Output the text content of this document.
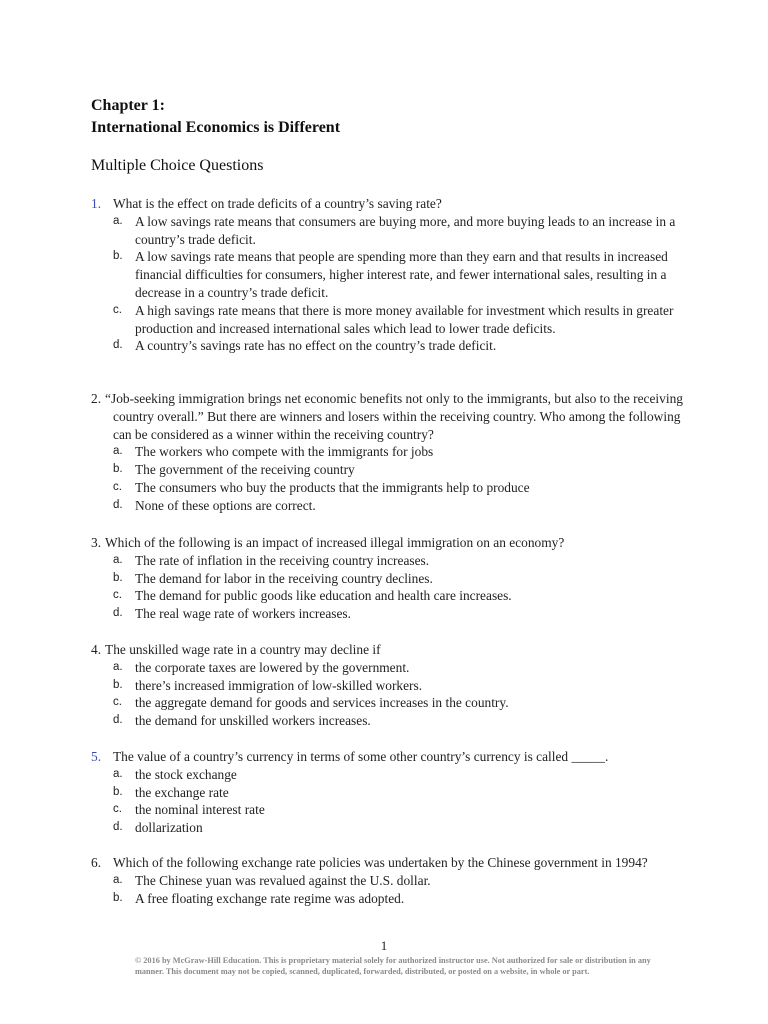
Chapter 1:
International Economics is Different
Multiple Choice Questions
1. What is the effect on trade deficits of a country’s saving rate?
a. A low savings rate means that consumers are buying more, and more buying leads to an increase in a country’s trade deficit.
b. A low savings rate means that people are spending more than they earn and that results in increased financial difficulties for consumers, higher interest rate, and fewer international sales, resulting in a decrease in a country’s trade deficit.
c. A high savings rate means that there is more money available for investment which results in greater production and increased international sales which lead to lower trade deficits.
d. A country’s savings rate has no effect on the country’s trade deficit.
2. “Job-seeking immigration brings net economic benefits not only to the immigrants, but also to the receiving country overall.” But there are winners and losers within the receiving country. Who among the following can be considered as a winner within the receiving country?
a. The workers who compete with the immigrants for jobs
b. The government of the receiving country
c. The consumers who buy the products that the immigrants help to produce
d. None of these options are correct.
3. Which of the following is an impact of increased illegal immigration on an economy?
a. The rate of inflation in the receiving country increases.
b. The demand for labor in the receiving country declines.
c. The demand for public goods like education and health care increases.
d. The real wage rate of workers increases.
4. The unskilled wage rate in a country may decline if
a. the corporate taxes are lowered by the government.
b. there’s increased immigration of low-skilled workers.
c. the aggregate demand for goods and services increases in the country.
d. the demand for unskilled workers increases.
5. The value of a country’s currency in terms of some other country’s currency is called _____.
a. the stock exchange
b. the exchange rate
c. the nominal interest rate
d. dollarization
6. Which of the following exchange rate policies was undertaken by the Chinese government in 1994?
a. The Chinese yuan was revalued against the U.S. dollar.
b. A free floating exchange rate regime was adopted.
1
© 2016 by McGraw-Hill Education. This is proprietary material solely for authorized instructor use. Not authorized for sale or distribution in any manner. This document may not be copied, scanned, duplicated, forwarded, distributed, or posted on a website, in whole or part.
